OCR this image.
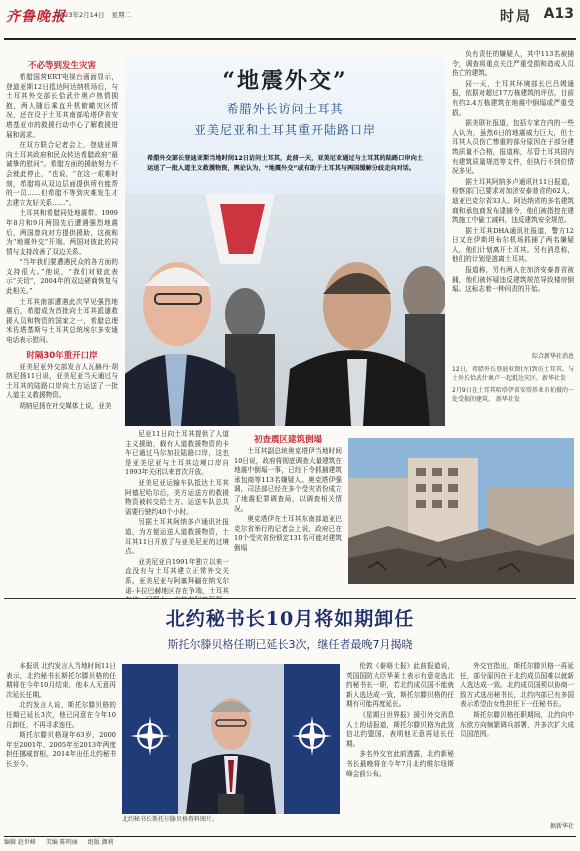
齐鲁晚报
2023年2月14日 星期二	时局 A13

不必等到发生灾害

希腊国营ERT电视台画面显示，登迪亚斯12日抵达阿达纳机场后，与土耳其外交部长恰武什奥卢热情拥抱，两人随后乘直升机俯瞰灾区情况，还在设于土耳其南部哈塔伊省安塔基亚市的救援行动中心了解救援进展和需求。

在双方联合记者会上，登迪亚斯向土耳其政府和民众转达希腊政府“最诚挚的慰问”。希腊方面的援助努力不会就此停止，“也说，“在这一艰难时刻，希腊将从双边层面提供所有能帮的一员……但希腊不等到灾难发生才去建立友好关系……”。

土耳其和希腊同处地震带。1999年8月和9月两国先后遭遇强烈地震后，两国曾向对方提供援助，这被称为“地震外交”开端。两国对彼此的同情与支持改善了双边关系。

“当年我们要遭遇民众的各方面的支持很大。”他说，“我们对彼此表示“关切”，2004年的双边磋商恢复与此相关。”

土耳其南部遭遇此次罕见强烈地震后，希腊成为首批向土耳其派遣救援人员和物资的国家之一，希腊总理米佐塔基斯与土耳其总统埃尔多安通电话表示慰问。

时隔30年重开口岸

亚美尼亚外交部发言人瓦赫丹·胡纳尼扬11日说，亚美尼亚当天通过与土耳其的陆路口岸向土方运送了一批人道主义救援物资。

胡纳尼扬在社交媒体上说，亚美

“地震外交”
希腊外长访问土耳其
亚美尼亚和土耳其重开陆路口岸
希腊外交部长登迪亚斯当地时间12日访问土耳其，此前一天，亚美尼亚通过与土耳其的陆路口岸向土运送了一批人道主义救援物资，舆论认为，“地震外交”或有助于土耳其与两国缓解分歧走向对话。

尼亚11日向土耳其提供了人道主义援助，载有人道救援物资的卡车已通过马尔加拉陆路口岸，这也是亚美尼亚与土耳其边境口岸自1993年关闭以来首次开放。

亚美尼亚运输车队抵达土耳其阿德尼哈尔后，美方运送方的救援物资被转交给土方。运送车队总共需要行驶约40个小时。

另据土耳其阿纳多卢通讯社报道，为方便运送人道救援物资，土耳其11日开放了与亚美尼亚的过境点。

亚美尼亚自1991年独立以来一直没有与土耳其建立正常外交关系。亚美尼亚与阿塞拜疆在纳戈尔诺-卡拉巴赫地区存在争端，土耳其

初查震区建筑倒塌

土耳其副总统奥克塔伊当地时间10日说，政府将彻底调查大量建筑在地震中倒塌一事，已经下令抓捕建筑承包商等113名嫌疑人。奥克塔伊强调，司法部已经在多个受灾省份成立了地震犯罪调查局，以调查相关情况。

奥克塔伊在土耳其东南部迪亚巴克尔省举行的记者会上说，政府已在10个受灾省份锁定131名可能对建筑倒塌

负有责任的嫌疑人，其中113名被捕令，调查将重点关注严重受损和造成人员伤亡的建筑。

同一天，土耳其环境部长巴吕姆通报，依据对超过17万栋建筑的评估，目前有约2.4万栋建筑在地震中倒塌或严重受损。

据美联社报道，包括专家在内的一些人认为，虽然6日的地震威力巨大，但土耳其人员伤亡惨重的部分原因在于部分建筑质量不合格，报道称，尽管土耳其国内有建筑质量规范等文件，但执行不到位情况多见。

据土耳其阿纳多卢通讯社11日报道，检察部门已要求对加济安泰普省的62人、迪亚巴克尔省33人、阿达纳省的多名建筑商和承包商发布逮捕令，他们被指控在建筑施工中偷工减料，违反建筑安全规范。

据土耳其DHA通讯社报道，警方12日又在伊斯坦布尔机场抓捕了两名嫌疑人，他们计划离开土耳其。另有消息称，他们的计划是逃离土耳其。

报道称，另有两人在加济安泰普省被捕，他们被怀疑违反建筑规范导致楼房倒塌。这标志着一种问责的开始。

综合新华社消息

12日，希腊外长登迪亚斯(左)到访土耳其，与土外长恰武什奥卢一起抵达灾区。新华社发

2月9日在土耳其哈塔伊省安塔基亚市拍摄的一处受损的建筑。 新华社发

北约秘书长10月将如期卸任
斯托尔滕贝格任期已延长3次，继任者最晚7月揭晓

本报讯 北约发言人当地时间11日表示，北约秘书长斯托尔滕贝格的任期将在今年10月结束，他本人无意再次延长任期。

北约发言人说，斯托尔滕贝格的任期已延长3次，他已同意在今年10月卸任，不再寻求连任。

斯托尔滕贝格现年63岁，2000年至2001年、2005年至2013年两度担任挪威首相，2014年出任北约秘书长至今。

北约秘书长斯托尔滕贝格资料图片。

伦敦《泰晤士报》此前报道说，英国国防大臣华莱士表示有意竞选北约秘书长一职，若北约成员国不能就新人选达成一致，斯托尔滕贝格的任期有可能再度延长。

《星期日世界报》援引外交消息人士的话报道，斯托尔滕贝格为此致信北约盟国，表明他无意再延长任期。

多名外交官此前透露，北约新秘书长最晚将在今年7月北约维尔纽斯峰会前公布。

外交官指出，斯托尔滕贝格一再延任，部分原因在于北约成员国难以就新人选达成一致。北约成员国须以协商一致方式选出秘书长，北约内部已有多国表示希望由女性担任下一任秘书长。

斯托尔滕贝格任职期间，北约向中东欧方向频繁调兵部署，并多次扩大成员国范围。

据新华社
编辑 赵世峰 美编 陈明丽 组版 颜莉
